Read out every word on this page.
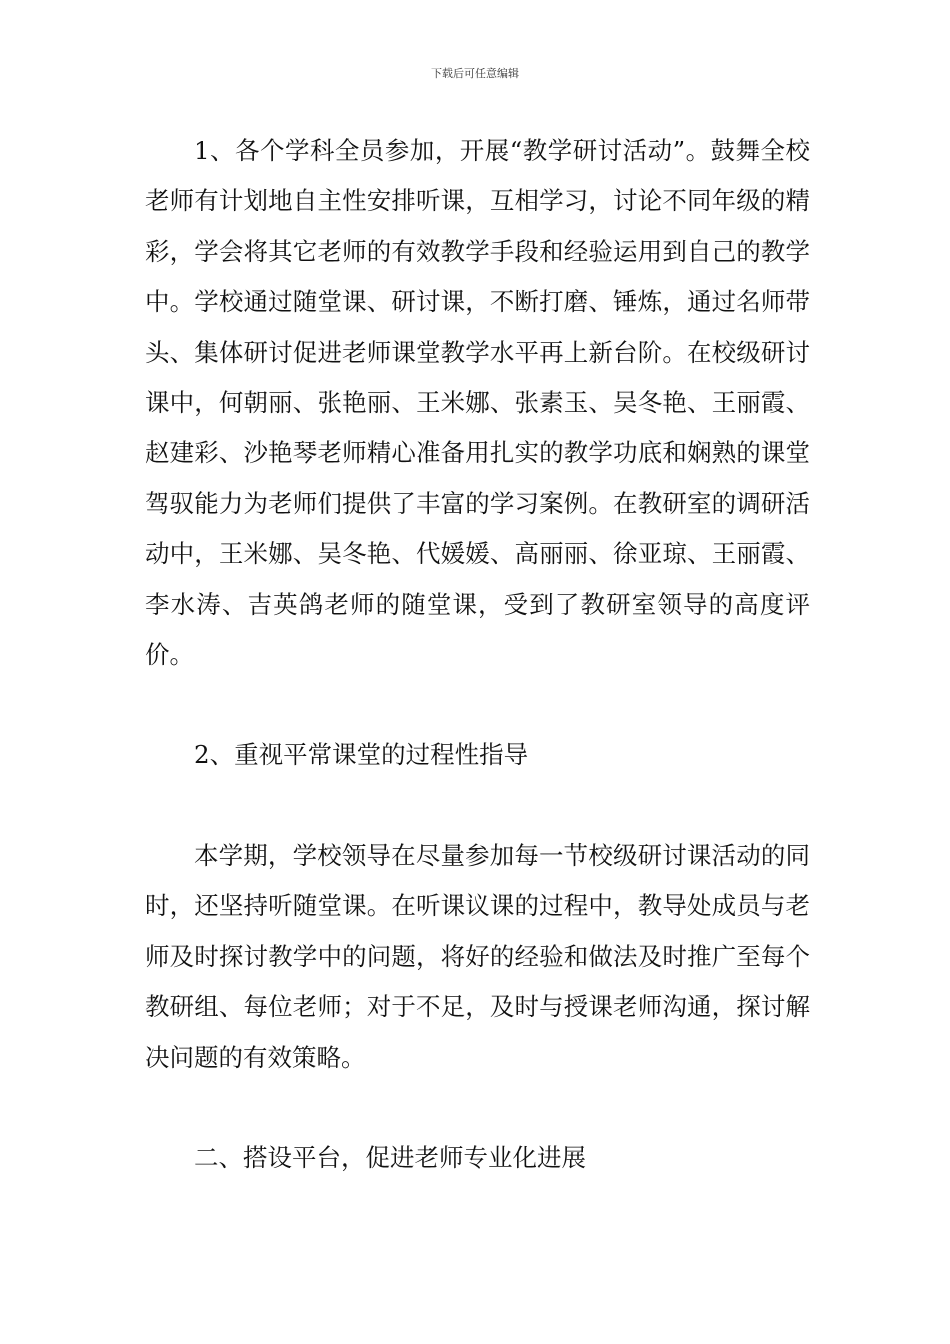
下载后可任意编辑

1、各个学科全员参加，开展“教学研讨活动”。鼓舞全校老师有计划地自主性安排听课，互相学习，讨论不同年级的精彩，学会将其它老师的有效教学手段和经验运用到自己的教学中。学校通过随堂课、研讨课，不断打磨、锤炼，通过名师带头、集体研讨促进老师课堂教学水平再上新台阶。在校级研讨课中，何朝丽、张艳丽、王米娜、张素玉、吴冬艳、王丽霞、赵建彩、沙艳琴老师精心准备用扎实的教学功底和娴熟的课堂驾驭能力为老师们提供了丰富的学习案例。在教研室的调研活动中，王米娜、吴冬艳、代媛媛、高丽丽、徐亚琼、王丽霞、李水涛、吉英鸽老师的随堂课，受到了教研室领导的高度评价。

2、重视平常课堂的过程性指导

本学期，学校领导在尽量参加每一节校级研讨课活动的同时，还坚持听随堂课。在听课议课的过程中，教导处成员与老师及时探讨教学中的问题，将好的经验和做法及时推广至每个教研组、每位老师；对于不足，及时与授课老师沟通，探讨解决问题的有效策略。

二、搭设平台，促进老师专业化进展
